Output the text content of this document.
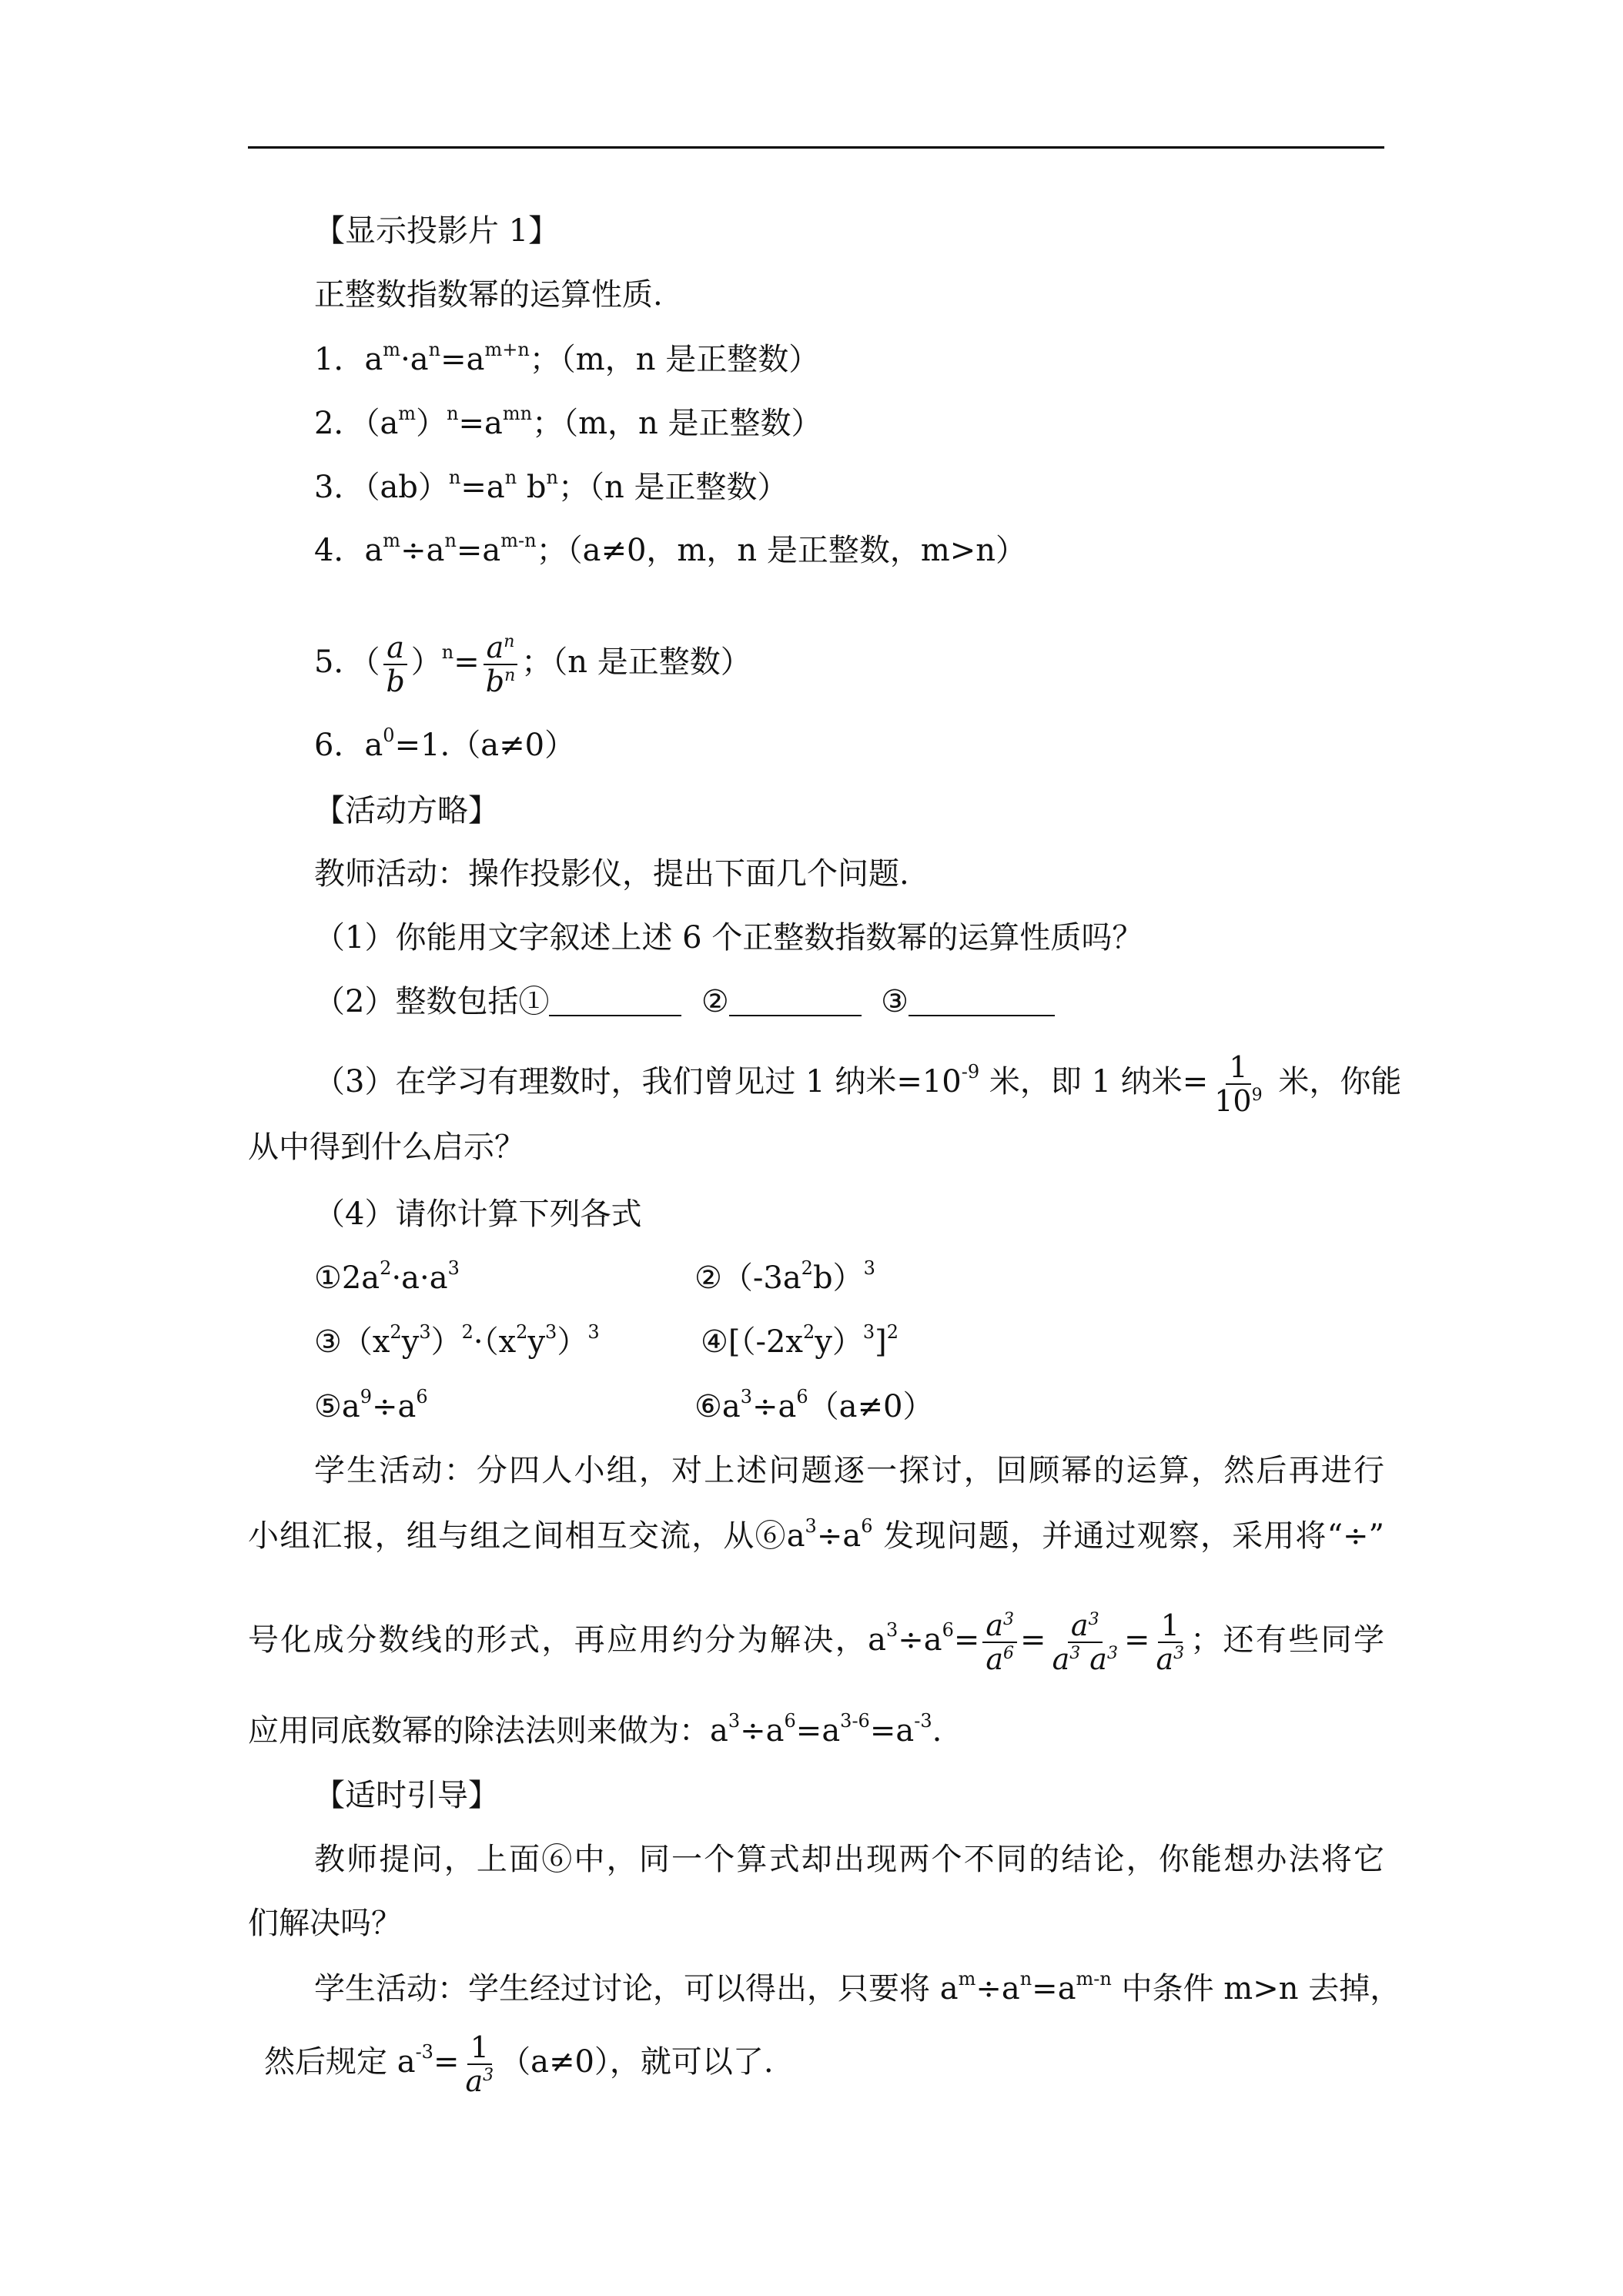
【显示投影片 1】
正整数指数幂的运算性质.
1．$a^m\cdot a^n=a^{m+n}$；（m，n 是正整数）
2．$(a^m)^n=a^{mn}$；（m，n 是正整数）
3．$(ab)^n=a^n$ $b^n$；（n 是正整数）
4．$a^m\div a^n=a^{m-n}$；（a≠0，m，n 是正整数，m>n）
5．（ $\frac{a}{b} )^n= \frac{a^n}{b^n}$ ；（n 是正整数）
6．$a^0=1.(a\ne 0)$
【活动方略】
教师活动：操作投影仪，提出下面几个问题.
（1）你能用文字叙述上述 6 个正整数指数幂的运算性质吗？
（2）整数包括①	②	③
（3）在学习有理数时，我们曾见过 1 纳米$=10^{-9}$ 米，即 1 纳米= $\frac{1}{10^9}$ 米，你能
从中得到什么启示？
（4）请你计算下列各式
$①2a^2\cdot a\cdot a^3$	$②(-3a^2b)^3$
$③(x^2y^3)^2\cdot(x^2y^3)^3$	$④[(-2x^2y)^3]^2$
$⑤a^9\div a^6$	$⑥a^3\div a^6(a\ne 0)$
学生活动：分四人小组，对上述问题逐一探讨，回顾幂的运算，然后再进行
小组汇报，组与组之间相互交流，从$⑥a^3\div a^6$ 发现问题，并通过观察，采用将“÷”
号化成分数线的形式，再应用约分为解决，$a^3\div a^6= \frac{a^3}{a^6} = \frac{a^3}{a^3 a^3} = \frac{1}{a^3}$ ；还有些同学
应用同底数幂的除法法则来做为：$a^3\div a^6=a^{3-6}=a^{-3}$.
【适时引导】
教师提问，上面⑥中，同一个算式却出现两个不同的结论，你能想办法将它
们解决吗？
学生活动：学生经过讨论，可以得出，只要将 $a^m\div a^n=a^{m-n}$ 中条件 m>n 去掉，
然后规定 $a^{-3}= \frac{1}{a^3} (a\ne 0)$，就可以了.
